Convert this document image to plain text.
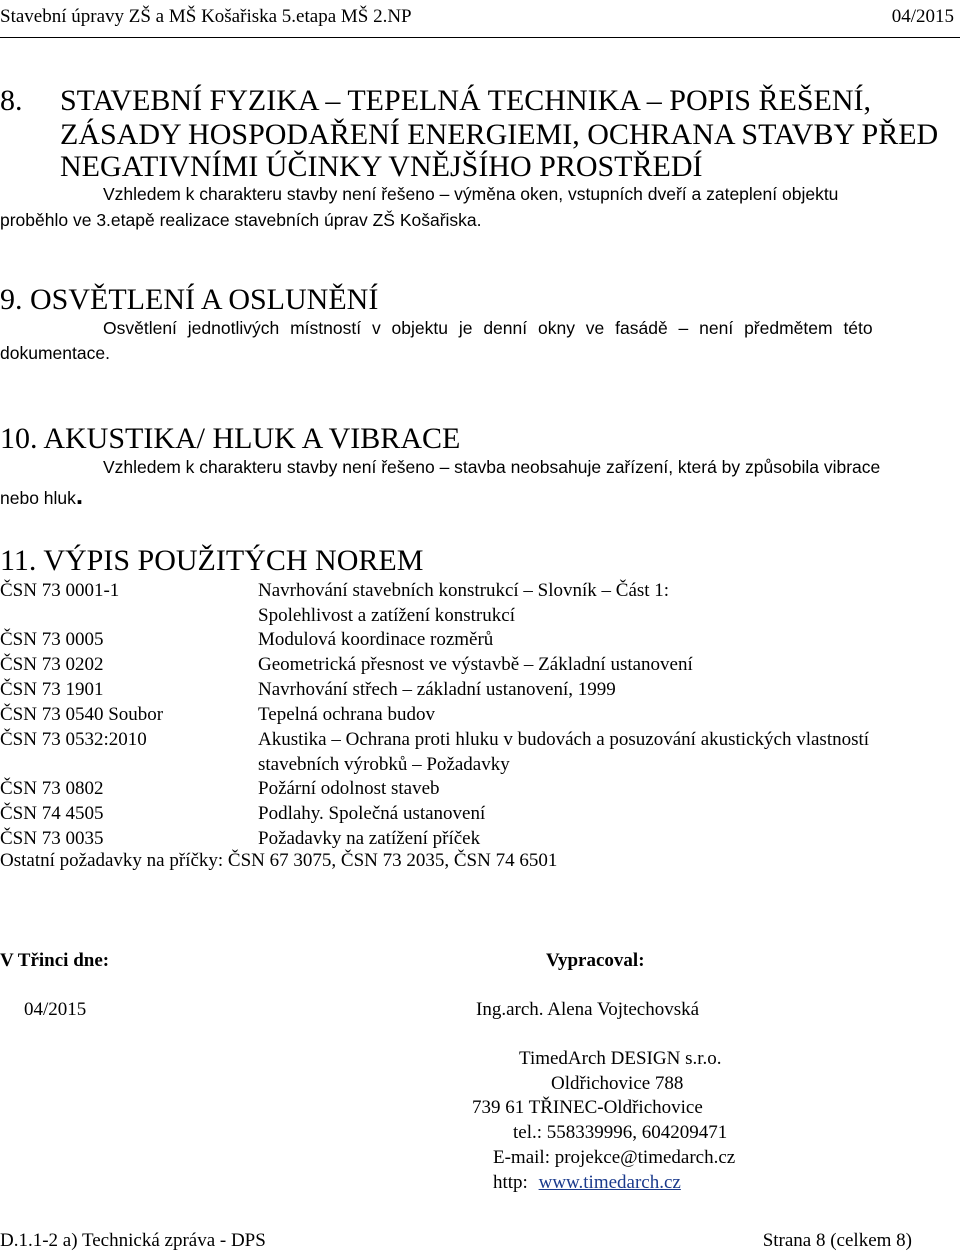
Stavební úpravy ZŠ a MŠ Košařiska 5.etapa MŠ 2.NP	04/2015
8. STAVEBNÍ FYZIKA – TEPELNÁ TECHNIKA – POPIS ŘEŠENÍ,
ZÁSADY HOSPODAŘENÍ ENERGIEMI, OCHRANA STAVBY PŘED
NEGATIVNÍMI ÚČINKY VNĚJŠÍHO PROSTŘEDÍ
Vzhledem k charakteru stavby není řešeno – výměna oken, vstupních dveří a zateplení objektu
proběhlo ve 3.etapě realizace stavebních úprav ZŠ Košařiska.
9. OSVĚTLENÍ A OSLUNĚNÍ
Osvětlení jednotlivých místností v objektu je denní okny ve fasádě – není předmětem této
dokumentace.
10. AKUSTIKA/ HLUK A VIBRACE
Vzhledem k charakteru stavby není řešeno – stavba neobsahuje zařízení, která by způsobila vibrace
nebo hluk.
11. VÝPIS POUŽITÝCH NOREM
ČSN 73 0001-1	Navrhování stavebních konstrukcí – Slovník – Část 1:
Spolehlivost a zatížení konstrukcí
ČSN 73 0005	Modulová koordinace rozměrů
ČSN 73 0202	Geometrická přesnost ve výstavbě – Základní ustanovení
ČSN 73 1901	Navrhování střech – základní ustanovení, 1999
ČSN 73 0540 Soubor	Tepelná ochrana budov
ČSN 73 0532:2010	Akustika – Ochrana proti hluku v budovách a posuzování akustických vlastností
stavebních výrobků – Požadavky
ČSN 73 0802	Požární odolnost staveb
ČSN 74 4505	Podlahy. Společná ustanovení
ČSN 73 0035	Požadavky na zatížení příček
Ostatní požadavky na příčky: ČSN 67 3075, ČSN 73 2035, ČSN 74 6501
V Třinci dne:	Vypracoval:
04/2015	Ing.arch. Alena Vojtechovská
TimedArch DESIGN s.r.o.
Oldřichovice 788
739 61 TŘINEC-Oldřichovice
tel.: 558339996, 604209471
E-mail: projekce@timedarch.cz
http: www.timedarch.cz
D.1.1-2 a) Technická zpráva - DPS	Strana 8 (celkem 8)
